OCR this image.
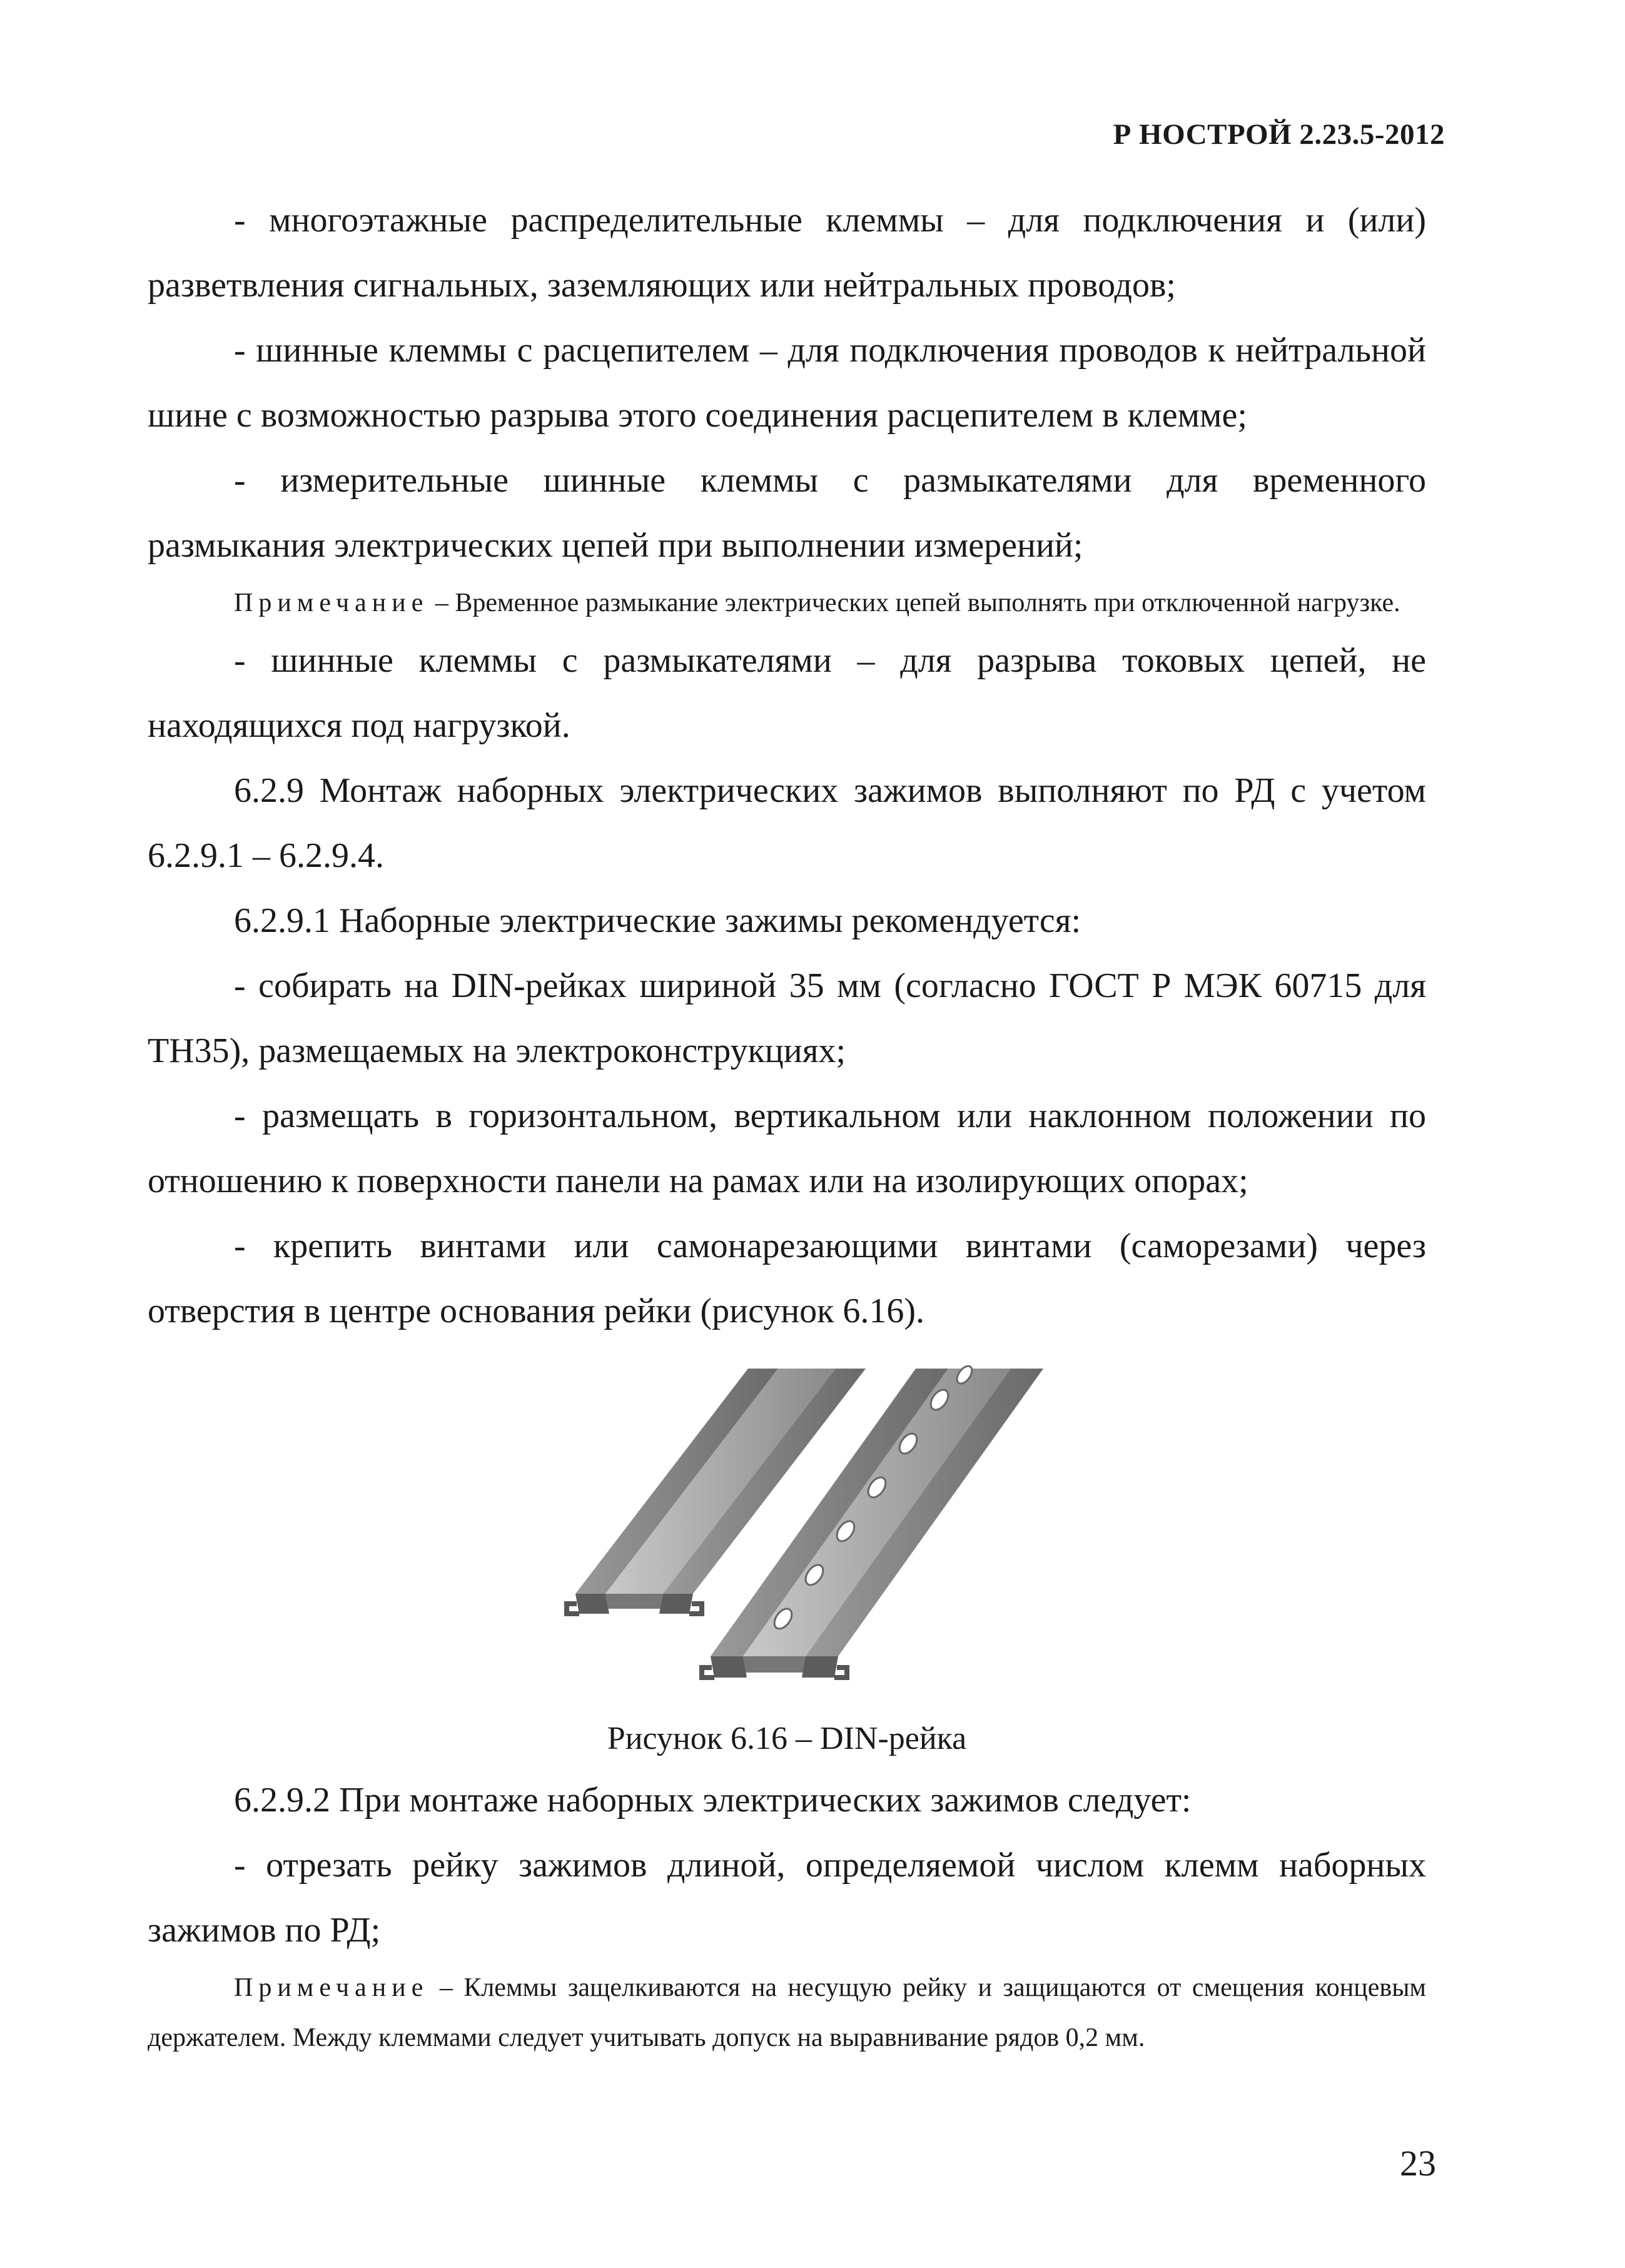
Р НОСТРОЙ 2.23.5-2012

- многоэтажные распределительные клеммы – для подключения и (или) разветвления сигнальных, заземляющих или нейтральных проводов;

- шинные клеммы с расцепителем – для подключения проводов к нейтральной шине с возможностью разрыва этого соединения расцепителем в клемме;

- измерительные шинные клеммы с размыкателями для временного размыкания электрических цепей при выполнении измерений;

Примечание – Временное размыкание электрических цепей выполнять при отключенной нагрузке.

- шинные клеммы с размыкателями – для разрыва токовых цепей, не находящихся под нагрузкой.

6.2.9 Монтаж наборных электрических зажимов выполняют по РД с учетом 6.2.9.1 – 6.2.9.4.

6.2.9.1 Наборные электрические зажимы рекомендуется:

- собирать на DIN-рейках шириной 35 мм (согласно ГОСТ Р МЭК 60715 для ТН35), размещаемых на электроконструкциях;

- размещать в горизонтальном, вертикальном или наклонном положении по отношению к поверхности панели на рамах или на изолирующих опорах;

- крепить винтами или самонарезающими винтами (саморезами) через отверстия в центре основания рейки (рисунок 6.16).

Рисунок 6.16 – DIN-рейка

6.2.9.2 При монтаже наборных электрических зажимов следует:

- отрезать рейку зажимов длиной, определяемой числом клемм наборных зажимов по РД;

Примечание – Клеммы защелкиваются на несущую рейку и защищаются от смещения концевым держателем. Между клеммами следует учитывать допуск на выравнивание рядов 0,2 мм.

23
